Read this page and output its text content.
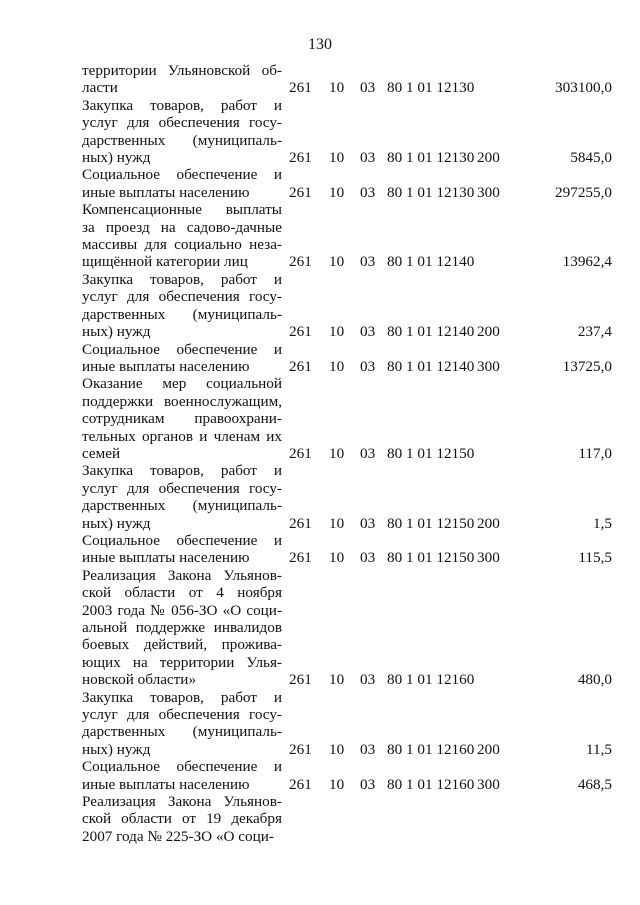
130
территории Ульяновской об-
ласти	261 10 03 80 1 01 12130	303100,0
Закупка товаров, работ и
услуг для обеспечения госу-
дарственных (муниципаль-
ных) нужд	261 10 03 80 1 01 12130 200	5845,0
Социальное обеспечение и
иные выплаты населению	261 10 03 80 1 01 12130 300	297255,0
Компенсационные выплаты
за проезд на садово-дачные
массивы для социально неза-
щищённой категории лиц	261 10 03 80 1 01 12140	13962,4
Закупка товаров, работ и
услуг для обеспечения госу-
дарственных (муниципаль-
ных) нужд	261 10 03 80 1 01 12140 200	237,4
Социальное обеспечение и
иные выплаты населению	261 10 03 80 1 01 12140 300	13725,0
Оказание мер социальной
поддержки военнослужащим,
сотрудникам правоохрани-
тельных органов и членам их
семей	261 10 03 80 1 01 12150	117,0
Закупка товаров, работ и
услуг для обеспечения госу-
дарственных (муниципаль-
ных) нужд	261 10 03 80 1 01 12150 200	1,5
Социальное обеспечение и
иные выплаты населению	261 10 03 80 1 01 12150 300	115,5
Реализация Закона Ульянов-
ской области от 4 ноября
2003 года № 056-ЗО «О соци-
альной поддержке инвалидов
боевых действий, прожива-
ющих на территории Улья-
новской области»	261 10 03 80 1 01 12160	480,0
Закупка товаров, работ и
услуг для обеспечения госу-
дарственных (муниципаль-
ных) нужд	261 10 03 80 1 01 12160 200	11,5
Социальное обеспечение и
иные выплаты населению	261 10 03 80 1 01 12160 300	468,5
Реализация Закона Ульянов-
ской области от 19 декабря
2007 года № 225-ЗО «О соци-
